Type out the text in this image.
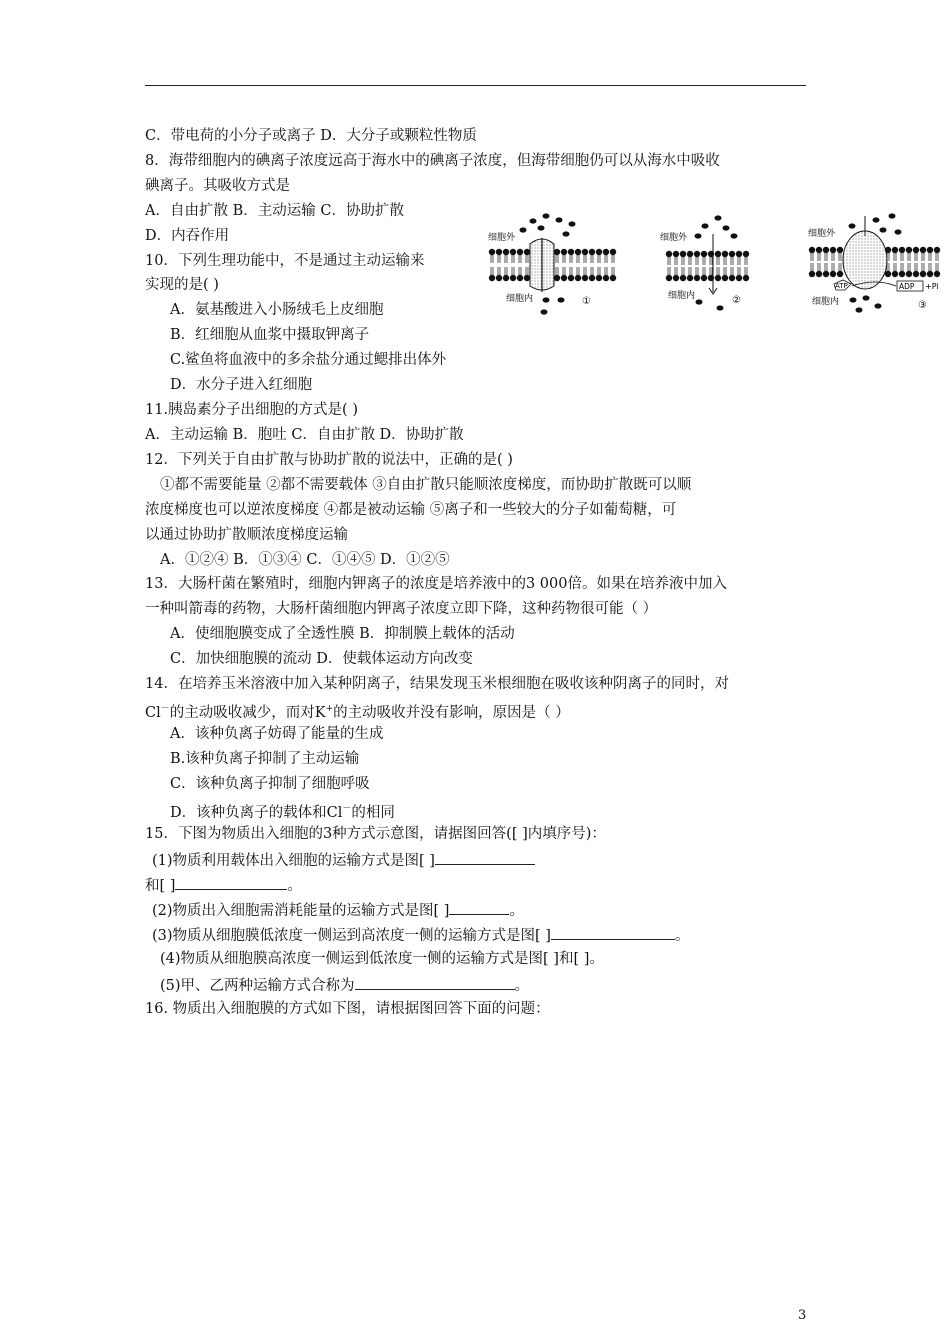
C．带电荷的小分子或离子 D．大分子或颗粒性物质
8．海带细胞内的碘离子浓度远高于海水中的碘离子浓度，但海带细胞仍可以从海水中吸收
碘离子。其吸收方式是
A．自由扩散 B．主动运输 C．协助扩散
D．内吞作用
10．下列生理功能中，不是通过主动运输来
实现的是( )
A．氨基酸进入小肠绒毛上皮细胞
B．红细胞从血浆中摄取钾离子
C.鲨鱼将血液中的多余盐分通过鳃排出体外
D．水分子进入红细胞
11.胰岛素分子出细胞的方式是( )
A．主动运输 B．胞吐 C．自由扩散 D．协助扩散
12．下列关于自由扩散与协助扩散的说法中，正确的是( )
①都不需要能量 ②都不需要载体 ③自由扩散只能顺浓度梯度，而协助扩散既可以顺
浓度梯度也可以逆浓度梯度 ④都是被动运输 ⑤离子和一些较大的分子如葡萄糖，可
以通过协助扩散顺浓度梯度运输
A．①②④ B．①③④ C．①④⑤ D．①②⑤
13．大肠杆菌在繁殖时，细胞内钾离子的浓度是培养液中的3 000倍。如果在培养液中加入
一种叫箭毒的药物，大肠杆菌细胞内钾离子浓度立即下降，这种药物很可能（ ）
A．使细胞膜变成了全透性膜 B．抑制膜上载体的活动
C．加快细胞膜的流动 D．使载体运动方向改变
14．在培养玉米溶液中加入某种阴离子，结果发现玉米根细胞在吸收该种阴离子的同时，对
Cl－的主动吸收减少，而对K+的主动吸收并没有影响，原因是（ ）
A．该种负离子妨碍了能量的生成
B.该种负离子抑制了主动运输
C．该种负离子抑制了细胞呼吸
D．该种负离子的载体和Cl－的相同
15．下图为物质出入细胞的3种方式示意图，请据图回答([ ]内填序号)：
(1)物质利用载体出入细胞的运输方式是图[ ]
和[ ]	。
(2)物质出入细胞需消耗能量的运输方式是图[ ]	。
(3)物质从细胞膜低浓度一侧运到高浓度一侧的运输方式是图[ ]	。
(4)物质从细胞膜高浓度一侧运到低浓度一侧的运输方式是图[ ]和[ ]。
(5)甲、乙两种运输方式合称为	。
16. 物质出入细胞膜的方式如下图，请根据图回答下面的问题：
细胞外
细胞内	①
细胞外
细胞内	②
细胞外
细胞内
ATP	ADP +Pi
③
3
